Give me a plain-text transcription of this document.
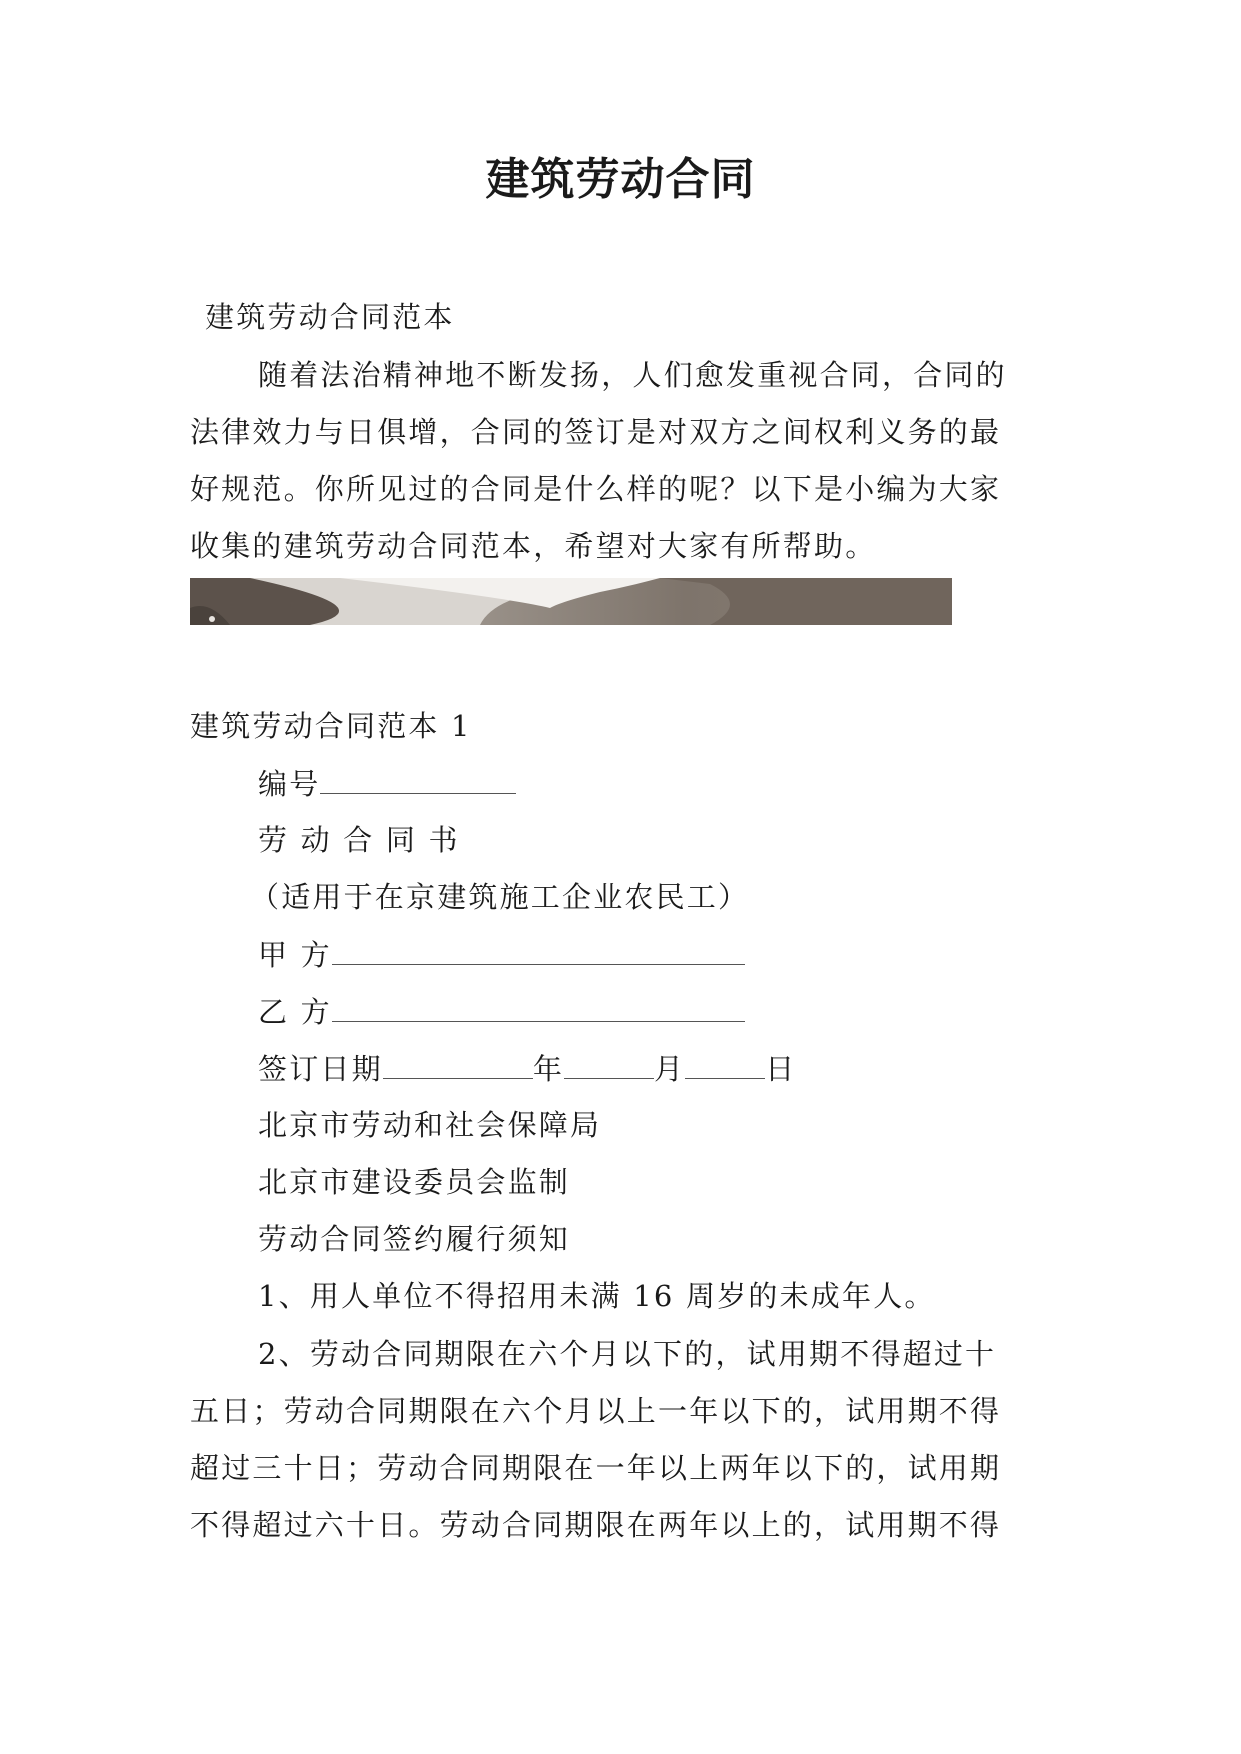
建筑劳动合同
建筑劳动合同范本
随着法治精神地不断发扬，人们愈发重视合同，合同的
法律效力与日俱增，合同的签订是对双方之间权利义务的最
好规范。你所见过的合同是什么样的呢？以下是小编为大家
收集的建筑劳动合同范本，希望对大家有所帮助。
建筑劳动合同范本 1
编号
劳 动 合 同 书
（适用于在京建筑施工企业农民工）
甲 方
乙 方
签订日期	年	月	日
北京市劳动和社会保障局
北京市建设委员会监制
劳动合同签约履行须知
1、用人单位不得招用未满 16 周岁的未成年人。
2、劳动合同期限在六个月以下的，试用期不得超过十
五日；劳动合同期限在六个月以上一年以下的，试用期不得
超过三十日；劳动合同期限在一年以上两年以下的，试用期
不得超过六十日。劳动合同期限在两年以上的，试用期不得
